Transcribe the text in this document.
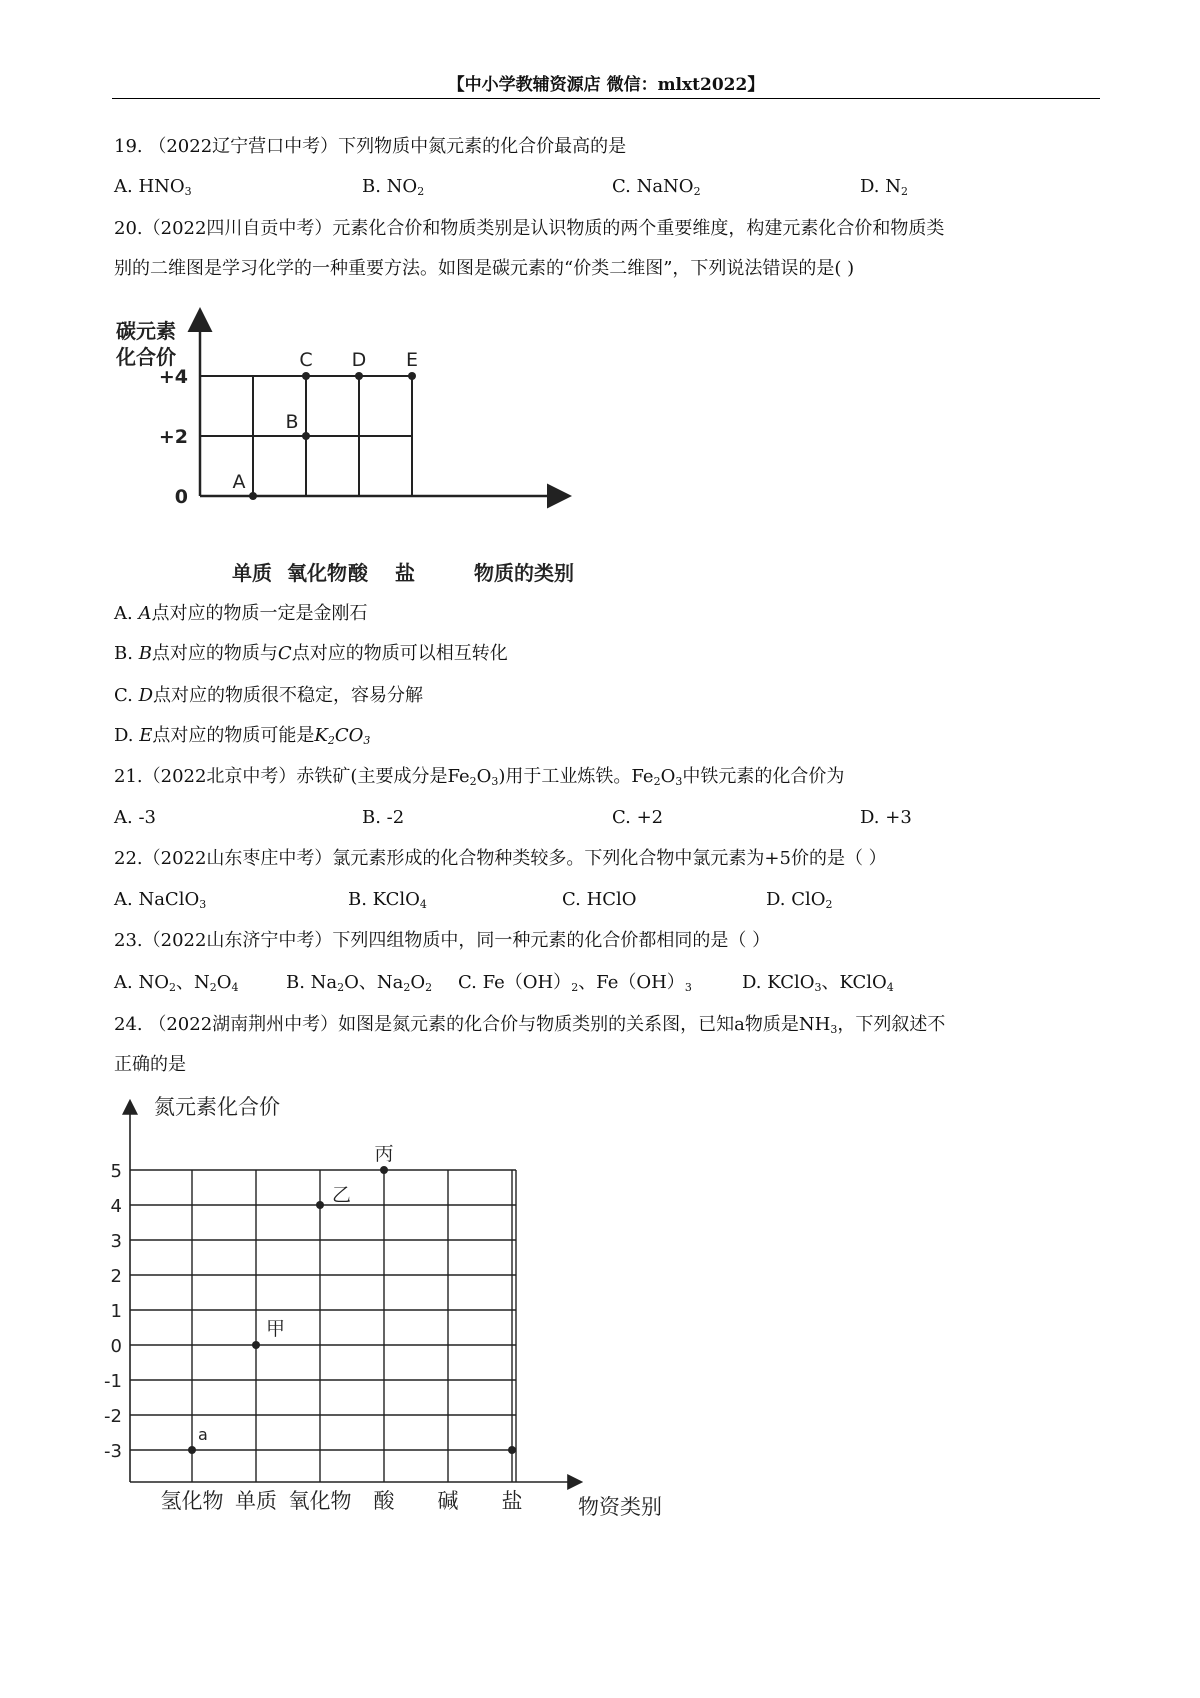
【中小学教辅资源店 微信：mlxt2022】
19. （2022辽宁营口中考）下列物质中氮元素的化合价最高的是
A. $HNO_3$	B. $NO_2$	C. NaNO$_2$	D. $N_2$
20.（2022四川自贡中考）元素化合价和物质类别是认识物质的两个重要维度，构建元素化合价和物质类
别的二维图是学习化学的一种重要方法。如图是碳元素的“价类二维图”，下列说法错误的是( )
+4
+2
0
单质 氧化物 酸 盐
A
B
C D E
碳元素
化合价
物质的类别
A. A点对应的物质一定是金刚石
B. B点对应的物质与C点对应的物质可以相互转化
C. D点对应的物质很不稳定，容易分解
D. E点对应的物质可能是$K_2CO_3$
21.（2022北京中考）赤铁矿(主要成分是$Fe_2O_3$)用于工业炼铁。$Fe_2O_3$中铁元素的化合价为
A. -3	B. -2	C. +2	D. +3
22.（2022山东枣庄中考）氯元素形成的化合物种类较多。下列化合物中氯元素为+5价的是（ ）
A. NaClO$_3$	B. KClO$_4$	C. HClO	D. ClO$_2$
23.（2022山东济宁中考）下列四组物质中，同一种元素的化合价都相同的是（ ）
A. $NO_2$、$N_2O_4$	B. $Na_2O$、$Na_2O_2$ C. $Fe(OH)_2$、$Fe(OH)_3$	D. KClO$_3$、KClO$_4$
24. （2022湖南荆州中考）如图是氮元素的化合价与物质类别的关系图，已知a物质是$NH_3$，下列叙述不
正确的是
5
4
3
2
1
0
-1
-2
-3
氢化物 单质 氧化物 酸 碱 盐
a
甲
乙
丙
氮元素化合价
物资类别
